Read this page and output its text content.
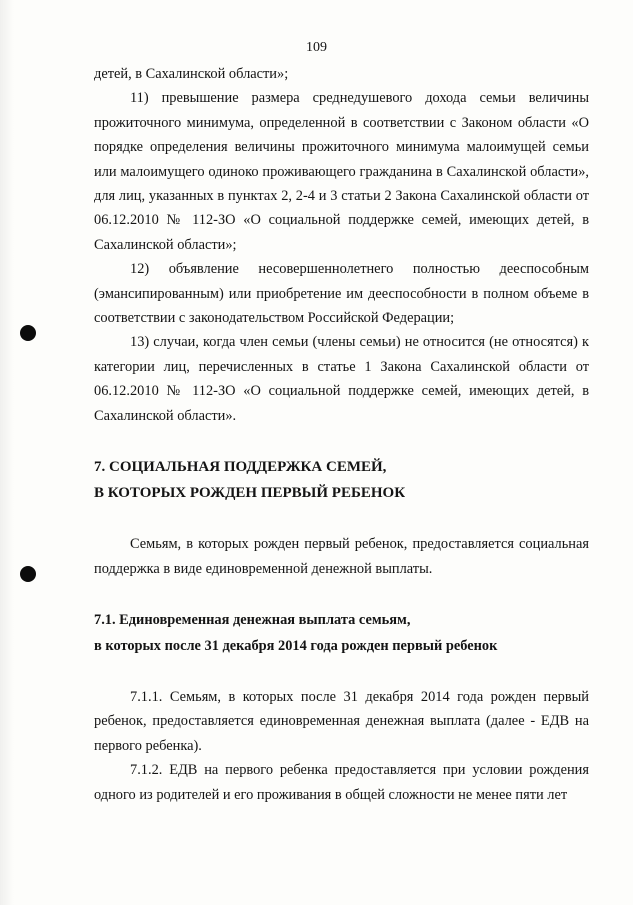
109

детей, в Сахалинской области»;

11) превышение размера среднедушевого дохода семьи величины прожиточного минимума, определенной в соответствии с Законом области «О порядке определения величины прожиточного минимума малоимущей семьи или малоимущего одиноко проживающего гражданина в Сахалинской области», для лиц, указанных в пунктах 2, 2-4 и 3 статьи 2 Закона Сахалинской области от 06.12.2010 № 112-ЗО «О социальной поддержке семей, имеющих детей, в Сахалинской области»;

12) объявление несовершеннолетнего полностью дееспособным (эмансипированным) или приобретение им дееспособности в полном объеме в соответствии с законодательством Российской Федерации;

13) случаи, когда член семьи (члены семьи) не относится (не относятся) к категории лиц, перечисленных в статье 1 Закона Сахалинской области от 06.12.2010 № 112-ЗО «О социальной поддержке семей, имеющих детей, в Сахалинской области».

7. СОЦИАЛЬНАЯ ПОДДЕРЖКА СЕМЕЙ,

В КОТОРЫХ РОЖДЕН ПЕРВЫЙ РЕБЕНОК

Семьям, в которых рожден первый ребенок, предоставляется социальная поддержка в виде единовременной денежной выплаты.

7.1. Единовременная денежная выплата семьям,

в которых после 31 декабря 2014 года рожден первый ребенок

7.1.1. Семьям, в которых после 31 декабря 2014 года рожден первый ребенок, предоставляется единовременная денежная выплата (далее - ЕДВ на первого ребенка).

7.1.2. ЕДВ на первого ребенка предоставляется при условии рождения одного из родителей и его проживания в общей сложности не менее пяти лет
